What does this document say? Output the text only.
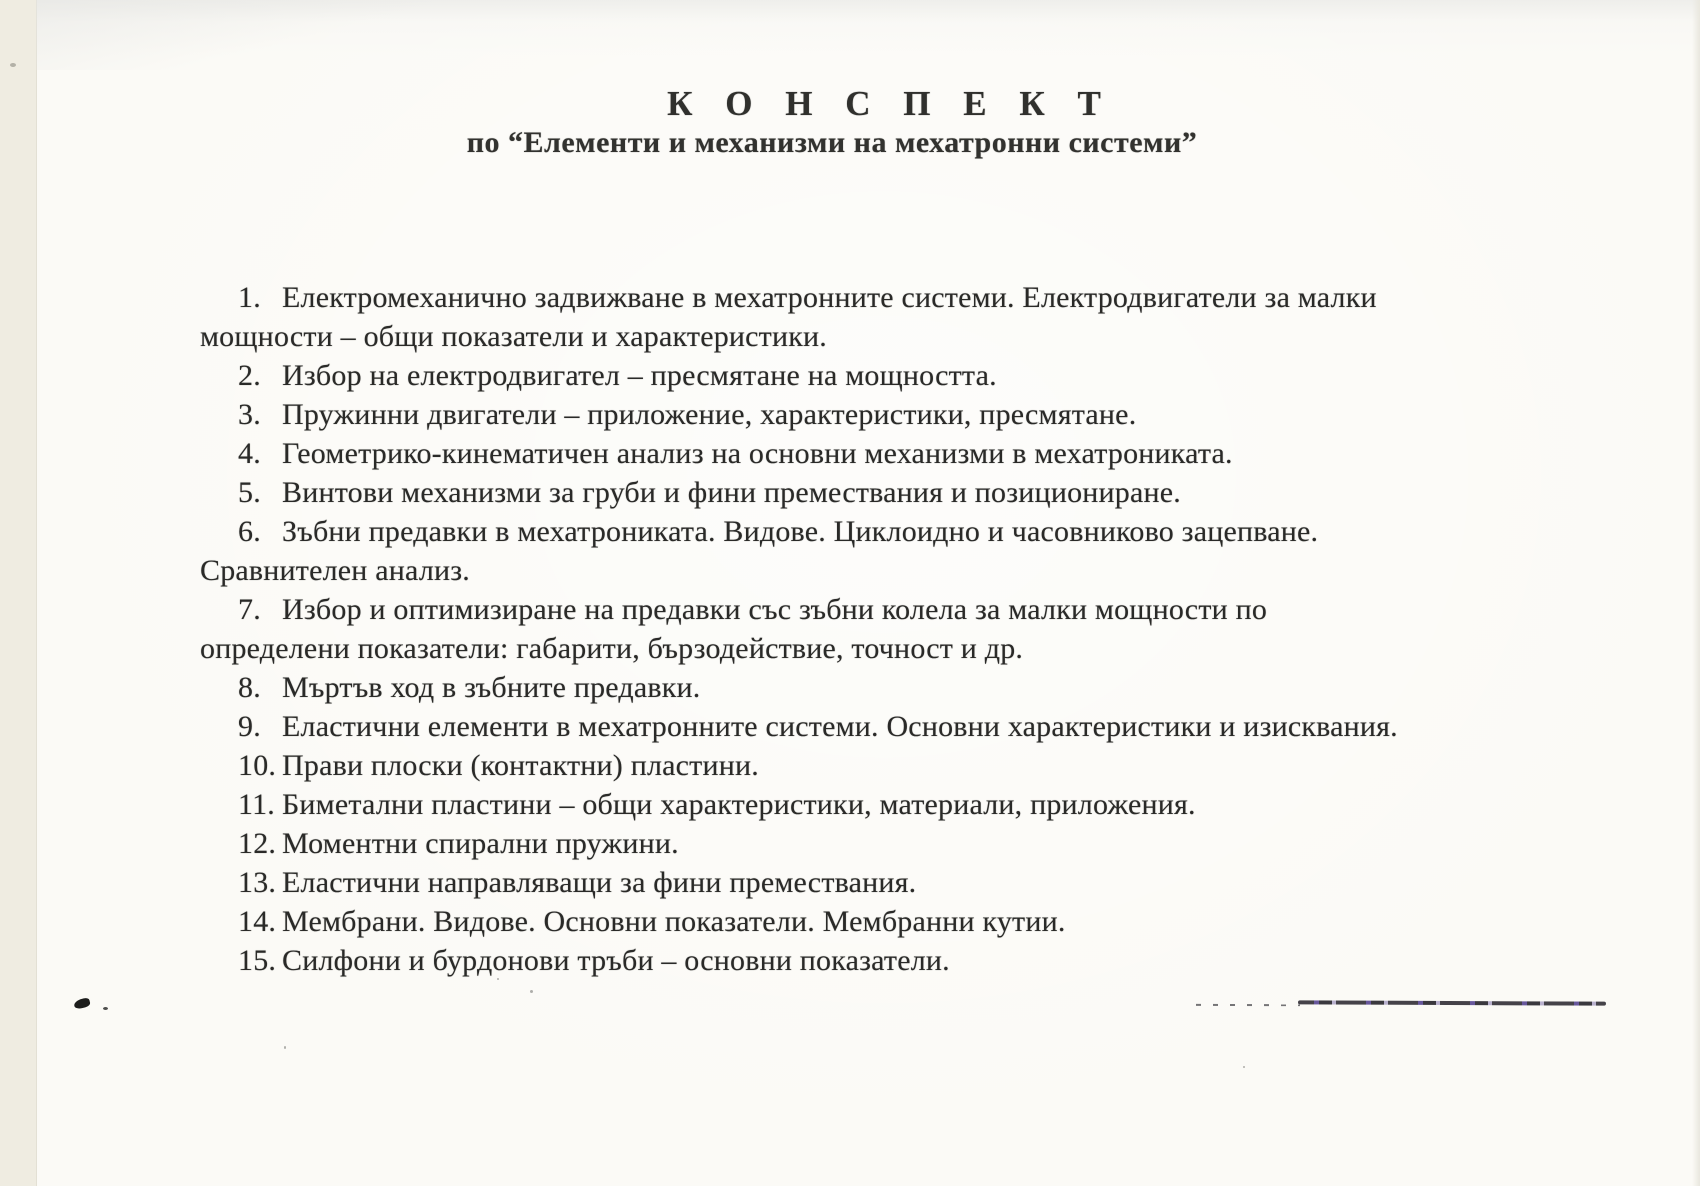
К О Н С П Е К Т
по “Елементи и механизми на мехатронни системи”

1. Електромеханично задвижване в мехатронните системи. Електродвигатели за малки
мощности – общи показатели и характеристики.

2. Избор на електродвигател – пресмятане на мощността.

3. Пружинни двигатели – приложение, характеристики, пресмятане.

4. Геометрико-кинематичен анализ на основни механизми в мехатрониката.

5. Винтови механизми за груби и фини премествания и позициониране.

6. Зъбни предавки в мехатрониката. Видове. Циклоидно и часовниково зацепване.
Сравнителен анализ.

7. Избор и оптимизиране на предавки със зъбни колела за малки мощности по
определени показатели: габарити, бързодействие, точност и др.

8. Мъртъв ход в зъбните предавки.

9. Еластични елементи в мехатронните системи. Основни характеристики и изисквания.

10. Прави плоски (контактни) пластини.

11. Биметални пластини – общи характеристики, материали, приложения.

12. Моментни спирални пружини.

13. Еластични направляващи за фини премествания.

14. Мембрани. Видове. Основни показатели. Мембранни кутии.

15. Силфони и бурдонови тръби – основни показатели.
